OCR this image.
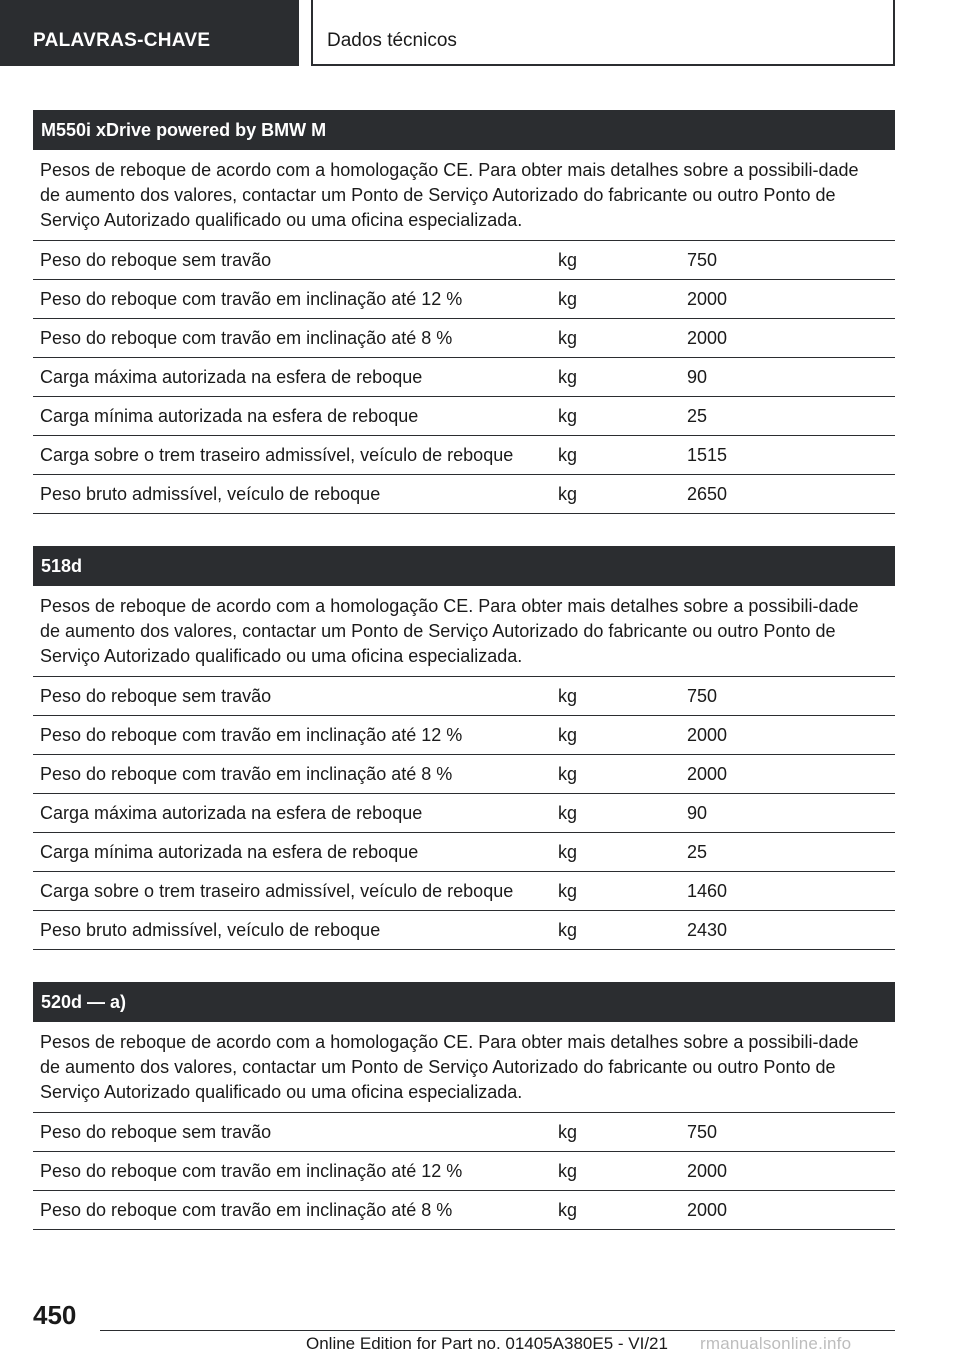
PALAVRAS-CHAVE	Dados técnicos
M550i xDrive powered by BMW M
Pesos de reboque de acordo com a homologação CE. Para obter mais detalhes sobre a possibili-dade de aumento dos valores, contactar um Ponto de Serviço Autorizado do fabricante ou outro Ponto de Serviço Autorizado qualificado ou uma oficina especializada.
Peso do reboque sem travão	kg	750
Peso do reboque com travão em inclinação até 12 %	kg	2000
Peso do reboque com travão em inclinação até 8 %	kg	2000
Carga máxima autorizada na esfera de reboque	kg	90
Carga mínima autorizada na esfera de reboque	kg	25
Carga sobre o trem traseiro admissível, veículo de reboque	kg	1515
Peso bruto admissível, veículo de reboque	kg	2650
518d
Pesos de reboque de acordo com a homologação CE. Para obter mais detalhes sobre a possibili-dade de aumento dos valores, contactar um Ponto de Serviço Autorizado do fabricante ou outro Ponto de Serviço Autorizado qualificado ou uma oficina especializada.
Peso do reboque sem travão	kg	750
Peso do reboque com travão em inclinação até 12 %	kg	2000
Peso do reboque com travão em inclinação até 8 %	kg	2000
Carga máxima autorizada na esfera de reboque	kg	90
Carga mínima autorizada na esfera de reboque	kg	25
Carga sobre o trem traseiro admissível, veículo de reboque	kg	1460
Peso bruto admissível, veículo de reboque	kg	2430
520d — a)
Pesos de reboque de acordo com a homologação CE. Para obter mais detalhes sobre a possibili-dade de aumento dos valores, contactar um Ponto de Serviço Autorizado do fabricante ou outro Ponto de Serviço Autorizado qualificado ou uma oficina especializada.
Peso do reboque sem travão	kg	750
Peso do reboque com travão em inclinação até 12 %	kg	2000
Peso do reboque com travão em inclinação até 8 %	kg	2000
450
Online Edition for Part no. 01405A380E5 - VI/21 rmanualsonline.info
